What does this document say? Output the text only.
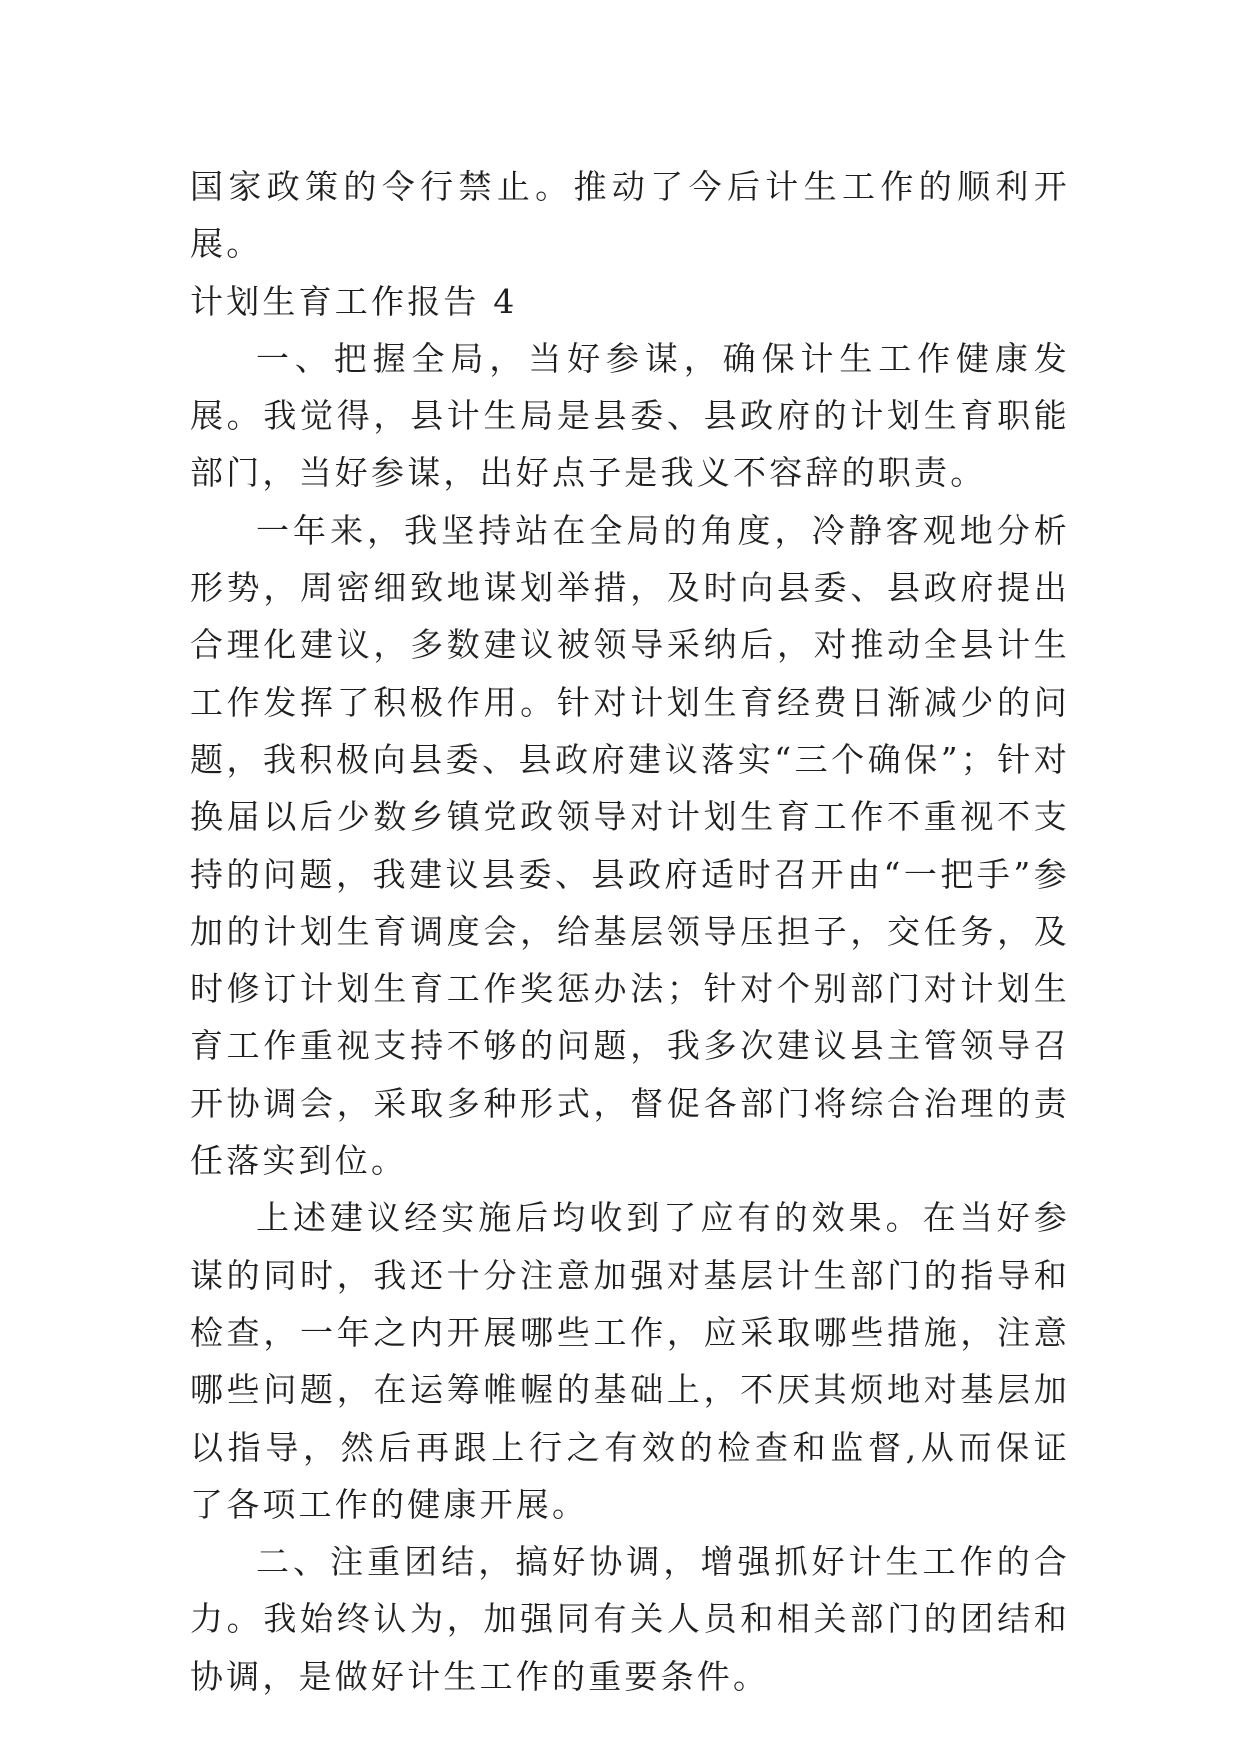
国家政策的令行禁止。推动了今后计生工作的顺利开展。

计划生育工作报告 4

一、把握全局，当好参谋，确保计生工作健康发展。我觉得，县计生局是县委、县政府的计划生育职能部门，当好参谋，出好点子是我义不容辞的职责。

一年来，我坚持站在全局的角度，冷静客观地分析形势，周密细致地谋划举措，及时向县委、县政府提出合理化建议，多数建议被领导采纳后，对推动全县计生工作发挥了积极作用。针对计划生育经费日渐减少的问题，我积极向县委、县政府建议落实“三个确保”；针对换届以后少数乡镇党政领导对计划生育工作不重视不支持的问题，我建议县委、县政府适时召开由“一把手”参加的计划生育调度会，给基层领导压担子，交任务，及时修订计划生育工作奖惩办法；针对个别部门对计划生育工作重视支持不够的问题，我多次建议县主管领导召开协调会，采取多种形式，督促各部门将综合治理的责任落实到位。

上述建议经实施后均收到了应有的效果。在当好参谋的同时，我还十分注意加强对基层计生部门的指导和检查，一年之内开展哪些工作，应采取哪些措施，注意哪些问题，在运筹帷幄的基础上，不厌其烦地对基层加以指导，然后再跟上行之有效的检查和监督,从而保证了各项工作的健康开展。

二、注重团结，搞好协调，增强抓好计生工作的合力。我始终认为，加强同有关人员和相关部门的团结和协调，是做好计生工作的重要条件。
